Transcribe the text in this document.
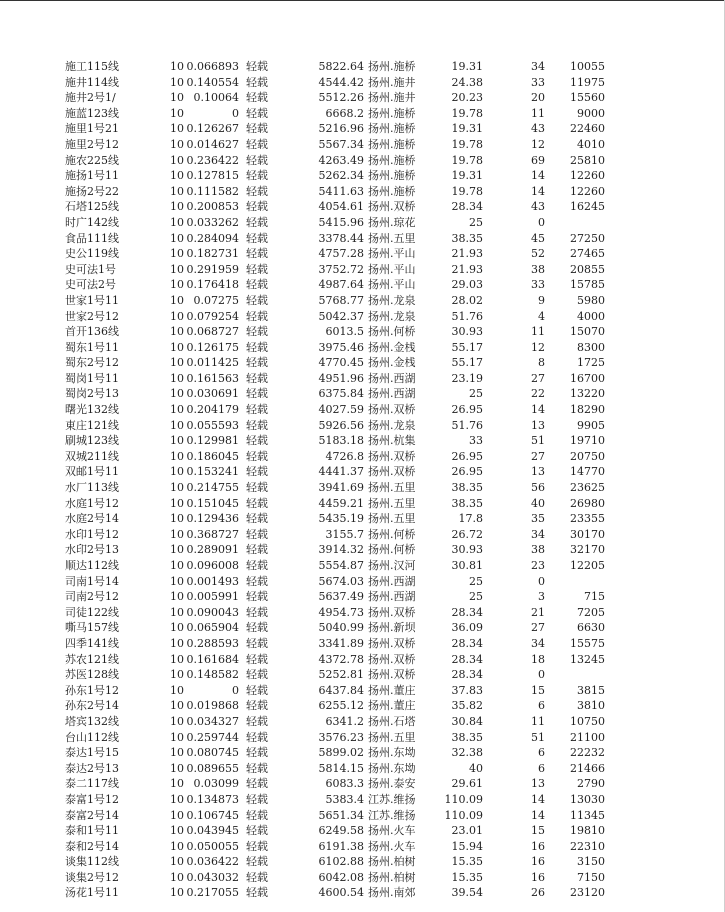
施工115线	10 0.066893 轻载	5822.64 扬州.施桥	19.31	34	10055
施井114线	10 0.140554 轻载	4544.42 扬州.施井	24.38	33	11975
施井2号1/	10 0.10064 轻载	5512.26 扬州.施井	20.23	20	15560
施蓝123线	10	0 轻载	6668.2 扬州.施桥	19.78	11	9000
施里1号21	10 0.126267 轻载	5216.96 扬州.施桥	19.31	43	22460
施里2号12	10 0.014627 轻载	5567.34 扬州.施桥	19.78	12	4010
施农225线	10 0.236422 轻载	4263.49 扬州.施桥	19.78	69	25810
施扬1号11	10 0.127815 轻载	5262.34 扬州.施桥	19.31	14	12260
施扬2号22	10 0.111582 轻载	5411.63 扬州.施桥	19.78	14	12260
石塔125线	10 0.200853 轻载	4054.61 扬州.双桥	28.34	43	16245
时广142线	10 0.033262 轻载	5415.96 扬州.琼花	25	0
食品111线	10 0.284094 轻载	3378.44 扬州.五里	38.35	45	27250
史公119线	10 0.182731 轻载	4757.28 扬州.平山	21.93	52	27465
史可法1号	10 0.291959 轻载	3752.72 扬州.平山	21.93	38	20855
史可法2号	10 0.176418 轻载	4987.64 扬州.平山	29.03	33	15785
世家1号11	10 0.07275 轻载	5768.77 扬州.龙泉	28.02	9	5980
世家2号12	10 0.079254 轻载	5042.37 扬州.龙泉	51.76	4	4000
首开136线	10 0.068727 轻载	6013.5 扬州.何桥	30.93	11	15070
蜀东1号11	10 0.126175 轻载	3975.46 扬州.金桟	55.17	12	8300
蜀东2号12	10 0.011425 轻载	4770.45 扬州.金桟	55.17	8	1725
蜀岗1号11	10 0.161563 轻载	4951.96 扬州.西湖	23.19	27	16700
蜀岗2号13	10 0.030691 轻载	6375.84 扬州.西湖	25	22	13220
曙光132线	10 0.204179 轻载	4027.59 扬州.双桥	26.95	14	18290
東庄121线	10 0.055593 轻载	5926.56 扬州.龙泉	51.76	13	9905
刷城123线	10 0.129981 轻载	5183.18 扬州.杭集	33	51	19710
双城211线	10 0.186045 轻载	4726.8 扬州.双桥	26.95	27	20750
双邮1号11	10 0.153241 轻载	4441.37 扬州.双桥	26.95	13	14770
水厂113线	10 0.214755 轻载	3941.69 扬州.五里	38.35	56	23625
水庭1号12	10 0.151045 轻载	4459.21 扬州.五里	38.35	40	26980
水庭2号14	10 0.129436 轻载	5435.19 扬州.五里	17.8	35	23355
水印1号12	10 0.368727 轻载	3155.7 扬州.何桥	26.72	34	30170
水印2号13	10 0.289091 轻载	3914.32 扬州.何桥	30.93	38	32170
顺达112线	10 0.096008 轻载	5554.87 扬州.汉河	30.81	23	12205
司南1号14	10 0.001493 轻载	5674.03 扬州.西湖	25	0
司南2号12	10 0.005991 轻载	5637.49 扬州.西湖	25	3	715
司徒122线	10 0.090043 轻载	4954.73 扬州.双桥	28.34	21	7205
嘶马157线	10 0.065904 轻载	5040.99 扬州.新坝	36.09	27	6630
四季141线	10 0.288593 轻载	3341.89 扬州.双桥	28.34	34	15575
苏农121线	10 0.161684 轻载	4372.78 扬州.双桥	28.34	18	13245
苏医128线	10 0.148582 轻载	5252.81 扬州.双桥	28.34	0
孙东1号12	10	0 轻载	6437.84 扬州.董庄	37.83	15	3815
孙东2号14	10 0.019868 轻载	6255.12 扬州.董庄	35.82	6	3810
塔宾132线	10 0.034327 轻载	6341.2 扬州.石塔	30.84	11	10750
台山112线	10 0.259744 轻载	3576.23 扬州.五里	38.35	51	21100
泰达1号15	10 0.080745 轻载	5899.02 扬州.东坳	32.38	6	22232
泰达2号13	10 0.089655 轻载	5814.15 扬州.东坳	40	6	21466
泰二117线	10 0.03099 轻载	6083.3 扬州.泰安	29.61	13	2790
泰富1号12	10 0.134873 轻载	5383.4 江苏.维扬	110.09	14	13030
泰富2号14	10 0.106745 轻载	5651.34 江苏.维扬	110.09	14	11345
泰和1号11	10 0.043945 轻载	6249.58 扬州.火车	23.01	15	19810
泰和2号14	10 0.050055 轻载	6191.38 扬州.火车	15.94	16	22310
谈集112线	10 0.036422 轻载	6102.88 扬州.柏树	15.35	16	3150
谈集2号12	10 0.043032 轻载	6042.08 扬州.柏树	15.35	16	7150
汤花1号11	10 0.217055 轻载	4600.54 扬州.南郊	39.54	26	23120
